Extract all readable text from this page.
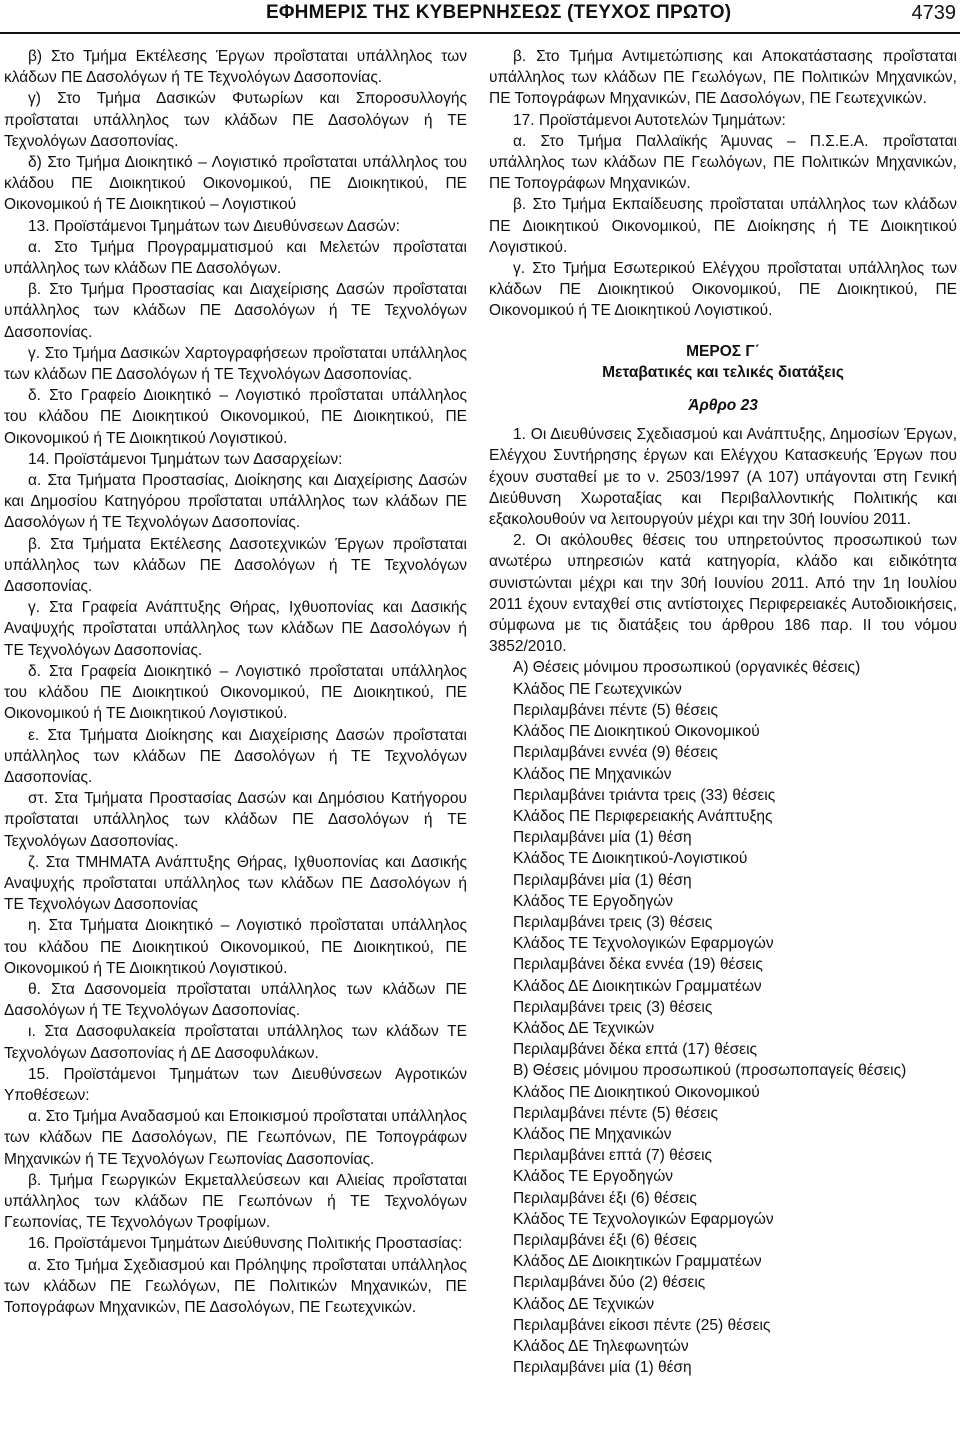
ΕΦΗΜΕΡΙΣ ΤΗΣ ΚΥΒΕΡΝΗΣΕΩΣ (ΤΕΥΧΟΣ ΠΡΩΤΟ)	4739

β) Στο Τμήμα Εκτέλεσης Έργων προΐσταται υπάλληλος των κλάδων ΠΕ Δασολόγων ή ΤΕ Τεχνολόγων Δασοπονίας.

γ) Στο Τμήμα Δασικών Φυτωρίων και Σποροσυλλογής προΐσταται υπάλληλος των κλάδων ΠΕ Δασολόγων ή ΤΕ Τεχνολόγων Δασοπονίας.

δ) Στο Τμήμα Διοικητικό – Λογιστικό προΐσταται υπάλληλος του κλάδου ΠΕ Διοικητικού Οικονομικού, ΠΕ Διοικητικού, ΠΕ Οικονομικού ή ΤΕ Διοικητικού – Λογιστικού

13. Προϊστάμενοι Τμημάτων των Διευθύνσεων Δασών:

α. Στο Τμήμα Προγραμματισμού και Μελετών προΐσταται υπάλληλος των κλάδων ΠΕ Δασολόγων.

β. Στο Τμήμα Προστασίας και Διαχείρισης Δασών προΐσταται υπάλληλος των κλάδων ΠΕ Δασολόγων ή ΤΕ Τεχνολόγων Δασοπονίας.

γ. Στο Τμήμα Δασικών Χαρτογραφήσεων προΐσταται υπάλληλος των κλάδων ΠΕ Δασολόγων ή ΤΕ Τεχνολόγων Δασοπονίας.

δ. Στο Γραφείο Διοικητικό – Λογιστικό προΐσταται υπάλληλος του κλάδου ΠΕ Διοικητικού Οικονομικού, ΠΕ Διοικητικού, ΠΕ Οικονομικού ή ΤΕ Διοικητικού Λογιστικού.

14. Προϊστάμενοι Τμημάτων των Δασαρχείων:

α. Στα Τμήματα Προστασίας, Διοίκησης και Διαχείρισης Δασών και Δημοσίου Κατηγόρου προΐσταται υπάλληλος των κλάδων ΠΕ Δασολόγων ή ΤΕ Τεχνολόγων Δασοπονίας.

β. Στα Τμήματα Εκτέλεσης Δασοτεχνικών Έργων προΐσταται υπάλληλος των κλάδων ΠΕ Δασολόγων ή ΤΕ Τεχνολόγων Δασοπονίας.

γ. Στα Γραφεία Ανάπτυξης Θήρας, Ιχθυοπονίας και Δασικής Αναψυχής προΐσταται υπάλληλος των κλάδων ΠΕ Δασολόγων ή ΤΕ Τεχνολόγων Δασοπονίας.

δ. Στα Γραφεία Διοικητικό – Λογιστικό προΐσταται υπάλληλος του κλάδου ΠΕ Διοικητικού Οικονομικού, ΠΕ Διοικητικού, ΠΕ Οικονομικού ή ΤΕ Διοικητικού Λογιστικού.

ε. Στα Τμήματα Διοίκησης και Διαχείρισης Δασών προΐσταται υπάλληλος των κλάδων ΠΕ Δασολόγων ή ΤΕ Τεχνολόγων Δασοπονίας.

στ. Στα Τμήματα Προστασίας Δασών και Δημόσιου Κατήγορου προΐσταται υπάλληλος των κλάδων ΠΕ Δασολόγων ή ΤΕ Τεχνολόγων Δασοπονίας.

ζ. Στα ΤΜΗΜΑΤΑ Ανάπτυξης Θήρας, Ιχθυοπονίας και Δασικής Αναψυχής προΐσταται υπάλληλος των κλάδων ΠΕ Δασολόγων ή ΤΕ Τεχνολόγων Δασοπονίας

η. Στα Τμήματα Διοικητικό – Λογιστικό προΐσταται υπάλληλος του κλάδου ΠΕ Διοικητικού Οικονομικού, ΠΕ Διοικητικού, ΠΕ Οικονομικού ή ΤΕ Διοικητικού Λογιστικού.

θ. Στα Δασονομεία προΐσταται υπάλληλος των κλάδων ΠΕ Δασολόγων ή ΤΕ Τεχνολόγων Δασοπονίας.

ι. Στα Δασοφυλακεία προΐσταται υπάλληλος των κλάδων ΤΕ Τεχνολόγων Δασοπονίας ή ΔΕ Δασοφυλάκων.

15. Προϊστάμενοι Τμημάτων των Διευθύνσεων Αγροτικών Υποθέσεων:

α. Στο Τμήμα Αναδασμού και Εποικισμού προΐσταται υπάλληλος των κλάδων ΠΕ Δασολόγων, ΠΕ Γεωπόνων, ΠΕ Τοπογράφων Μηχανικών ή ΤΕ Τεχνολόγων Γεωπονίας Δασοπονίας.

β. Τμήμα Γεωργικών Εκμεταλλεύσεων και Αλιείας προΐσταται υπάλληλος των κλάδων ΠΕ Γεωπόνων ή ΤΕ Τεχνολόγων Γεωπονίας, ΤΕ Τεχνολόγων Τροφίμων.

16. Προϊστάμενοι Τμημάτων Διεύθυνσης Πολιτικής Προστασίας:

α. Στο Τμήμα Σχεδιασμού και Πρόληψης προΐσταται υπάλληλος των κλάδων ΠΕ Γεωλόγων, ΠΕ Πολιτικών Μηχανικών, ΠΕ Τοπογράφων Μηχανικών, ΠΕ Δασολόγων, ΠΕ Γεωτεχνικών.

β. Στο Τμήμα Αντιμετώπισης και Αποκατάστασης προΐσταται υπάλληλος των κλάδων ΠΕ Γεωλόγων, ΠΕ Πολιτικών Μηχανικών, ΠΕ Τοπογράφων Μηχανικών, ΠΕ Δασολόγων, ΠΕ Γεωτεχνικών.

17. Προϊστάμενοι Αυτοτελών Τμημάτων:

α. Στο Τμήμα Παλλαϊκής Άμυνας – Π.Σ.Ε.Α. προΐσταται υπάλληλος των κλάδων ΠΕ Γεωλόγων, ΠΕ Πολιτικών Μηχανικών, ΠΕ Τοπογράφων Μηχανικών.

β. Στο Τμήμα Εκπαίδευσης προΐσταται υπάλληλος των κλάδων ΠΕ Διοικητικού Οικονομικού, ΠΕ Διοίκησης ή ΤΕ Διοικητικού Λογιστικού.

γ. Στο Τμήμα Εσωτερικού Ελέγχου προΐσταται υπάλληλος των κλάδων ΠΕ Διοικητικού Οικονομικού, ΠΕ Διοικητικού, ΠΕ Οικονομικού ή ΤΕ Διοικητικού Λογιστικού.

ΜΕΡΟΣ Γ΄

Μεταβατικές και τελικές διατάξεις

Άρθρο 23

1. Οι Διευθύνσεις Σχεδιασμού και Ανάπτυξης, Δημοσίων Έργων, Ελέγχου Συντήρησης έργων και Ελέγχου Κατασκευής Έργων που έχουν συσταθεί με το ν. 2503/1997 (Α 107) υπάγονται στη Γενική Διεύθυνση Χωροταξίας και Περιβαλλοντικής Πολιτικής και εξακολουθούν να λειτουργούν μέχρι και την 30ή Ιουνίου 2011.

2. Οι ακόλουθες θέσεις του υπηρετούντος προσωπικού των ανωτέρω υπηρεσιών κατά κατηγορία, κλάδο και ειδικότητα συνιστώνται μέχρι και την 30ή Ιουνίου 2011. Από την 1η Ιουλίου 2011 έχουν ενταχθεί στις αντίστοιχες Περιφερειακές Αυτοδιοικήσεις, σύμφωνα με τις διατάξεις του άρθρου 186 παρ. ΙΙ του νόμου 3852/2010.

Α) Θέσεις μόνιμου προσωπικού (οργανικές θέσεις)

Κλάδος ΠΕ Γεωτεχνικών

Περιλαμβάνει πέντε (5) θέσεις

Κλάδος ΠΕ Διοικητικού Οικονομικού

Περιλαμβάνει εννέα (9) θέσεις

Κλάδος ΠΕ Μηχανικών

Περιλαμβάνει τριάντα τρεις (33) θέσεις

Κλάδος ΠΕ Περιφερειακής Ανάπτυξης

Περιλαμβάνει μία (1) θέση

Κλάδος ΤΕ Διοικητικού-Λογιστικού

Περιλαμβάνει μία (1) θέση

Κλάδος ΤΕ Εργοδηγών

Περιλαμβάνει τρεις (3) θέσεις

Κλάδος ΤΕ Τεχνολογικών Εφαρμογών

Περιλαμβάνει δέκα εννέα (19) θέσεις

Κλάδος ΔΕ Διοικητικών Γραμματέων

Περιλαμβάνει τρεις (3) θέσεις

Κλάδος ΔΕ Τεχνικών

Περιλαμβάνει δέκα επτά (17) θέσεις

Β) Θέσεις μόνιμου προσωπικού (προσωποπαγείς θέσεις)

Κλάδος ΠΕ Διοικητικού Οικονομικού

Περιλαμβάνει πέντε (5) θέσεις

Κλάδος ΠΕ Μηχανικών

Περιλαμβάνει επτά (7) θέσεις

Κλάδος ΤΕ Εργοδηγών

Περιλαμβάνει έξι (6) θέσεις

Κλάδος ΤΕ Τεχνολογικών Εφαρμογών

Περιλαμβάνει έξι (6) θέσεις

Κλάδος ΔΕ Διοικητικών Γραμματέων

Περιλαμβάνει δύο (2) θέσεις

Κλάδος ΔΕ Τεχνικών

Περιλαμβάνει είκοσι πέντε (25) θέσεις

Κλάδος ΔΕ Τηλεφωνητών

Περιλαμβάνει μία (1) θέση
